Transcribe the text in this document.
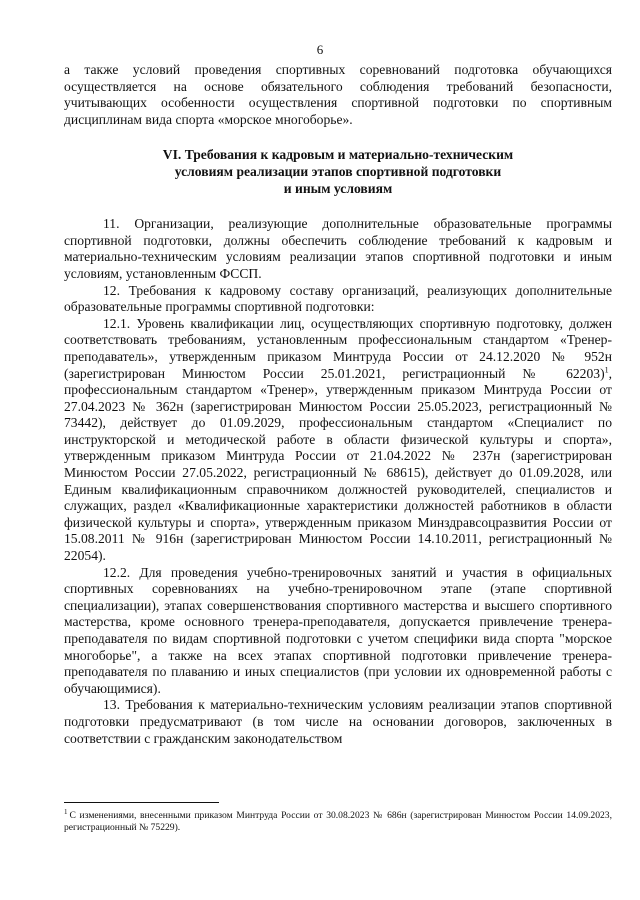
6

а также условий проведения спортивных соревнований подготовка обучающихся осуществляется на основе обязательного соблюдения требований безопасности, учитывающих особенности осуществления спортивной подготовки по спортивным дисциплинам вида спорта «морское многоборье».

VI. Требования к кадровым и материально-техническим
условиям реализации этапов спортивной подготовки
и иным условиям

11. Организации, реализующие дополнительные образовательные программы спортивной подготовки, должны обеспечить соблюдение требований к кадровым и материально-техническим условиям реализации этапов спортивной подготовки и иным условиям, установленным ФССП.

12. Требования к кадровому составу организаций, реализующих дополнительные образовательные программы спортивной подготовки:

12.1. Уровень квалификации лиц, осуществляющих спортивную подготовку, должен соответствовать требованиям, установленным профессиональным стандартом «Тренер-преподаватель», утвержденным приказом Минтруда России от 24.12.2020 № 952н (зарегистрирован Минюстом России 25.01.2021, регистрационный № 62203)$^1$, профессиональным стандартом «Тренер», утвержденным приказом Минтруда России от 27.04.2023 № 362н (зарегистрирован Минюстом России 25.05.2023, регистрационный № 73442), действует до 01.09.2029, профессиональным стандартом «Специалист по инструкторской и методической работе в области физической культуры и спорта», утвержденным приказом Минтруда России от 21.04.2022 № 237н (зарегистрирован Минюстом России 27.05.2022, регистрационный № 68615), действует до 01.09.2028, или Единым квалификационным справочником должностей руководителей, специалистов и служащих, раздел «Квалификационные характеристики должностей работников в области физической культуры и спорта», утвержденным приказом Минздравсоцразвития России от 15.08.2011 № 916н (зарегистрирован Минюстом России 14.10.2011, регистрационный № 22054).

12.2. Для проведения учебно-тренировочных занятий и участия в официальных спортивных соревнованиях на учебно-тренировочном этапе (этапе спортивной специализации), этапах совершенствования спортивного мастерства и высшего спортивного мастерства, кроме основного тренера-преподавателя, допускается привлечение тренера-преподавателя по видам спортивной подготовки с учетом специфики вида спорта "морское многоборье", а также на всех этапах спортивной подготовки привлечение тренера-преподавателя по плаванию и иных специалистов (при условии их одновременной работы с обучающимися).

13. Требования к материально-техническим условиям реализации этапов спортивной подготовки предусматривают (в том числе на основании договоров, заключенных в соответствии с гражданским законодательством

$^1$ С изменениями, внесенными приказом Минтруда России от 30.08.2023 № 686н (зарегистрирован Минюстом России 14.09.2023, регистрационный № 75229).
